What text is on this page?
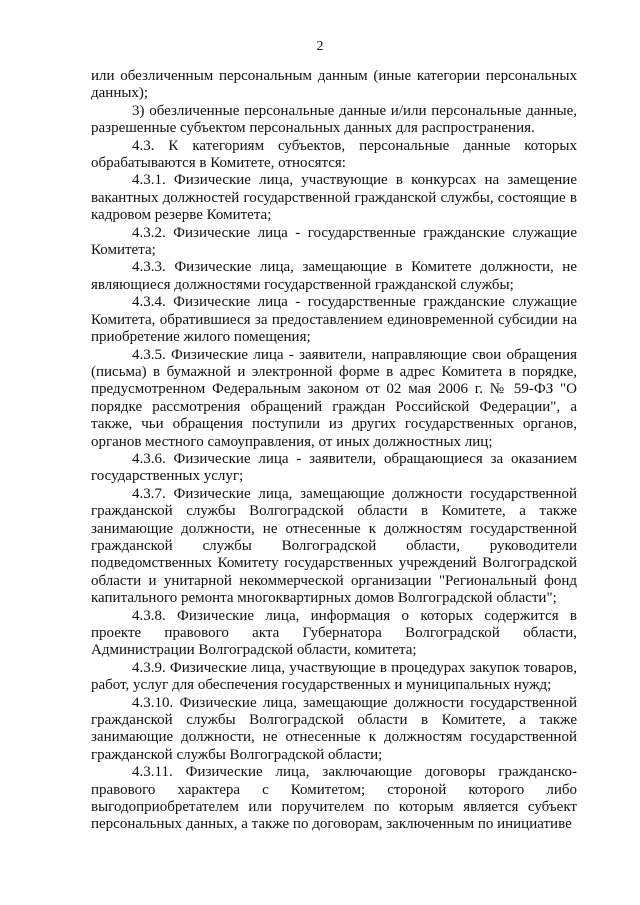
2

или обезличенным персональным данным (иные категории персональных данных);

3) обезличенные персональные данные и/или персональные данные, разрешенные субъектом персональных данных для распространения.

4.3. К категориям субъектов, персональные данные которых обрабатываются в Комитете, относятся:

4.3.1. Физические лица, участвующие в конкурсах на замещение вакантных должностей государственной гражданской службы, состоящие в кадровом резерве Комитета;

4.3.2. Физические лица - государственные гражданские служащие Комитета;

4.3.3. Физические лица, замещающие в Комитете должности, не являющиеся должностями государственной гражданской службы;

4.3.4. Физические лица - государственные гражданские служащие Комитета, обратившиеся за предоставлением единовременной субсидии на приобретение жилого помещения;

4.3.5. Физические лица - заявители, направляющие свои обращения (письма) в бумажной и электронной форме в адрес Комитета в порядке, предусмотренном Федеральным законом от 02 мая 2006 г. № 59-ФЗ "О порядке рассмотрения обращений граждан Российской Федерации", а также, чьи обращения поступили из других государственных органов, органов местного самоуправления, от иных должностных лиц;

4.3.6. Физические лица - заявители, обращающиеся за оказанием государственных услуг;

4.3.7. Физические лица, замещающие должности государственной гражданской службы Волгоградской области в Комитете, а также занимающие должности, не отнесенные к должностям государственной гражданской службы Волгоградской области, руководители подведомственных Комитету государственных учреждений Волгоградской области и унитарной некоммерческой организации "Региональный фонд капитального ремонта многоквартирных домов Волгоградской области";

4.3.8. Физические лица, информация о которых содержится в проекте правового акта Губернатора Волгоградской области, Администрации Волгоградской области, комитета;

4.3.9. Физические лица, участвующие в процедурах закупок товаров, работ, услуг для обеспечения государственных и муниципальных нужд;

4.3.10. Физические лица, замещающие должности государственной гражданской службы Волгоградской области в Комитете, а также занимающие должности, не отнесенные к должностям государственной гражданской службы Волгоградской области;

4.3.11. Физические лица, заключающие договоры гражданско-правового характера с Комитетом; стороной которого либо выгодоприобретателем или поручителем по которым является субъект персональных данных, а также по договорам, заключенным по инициативе
